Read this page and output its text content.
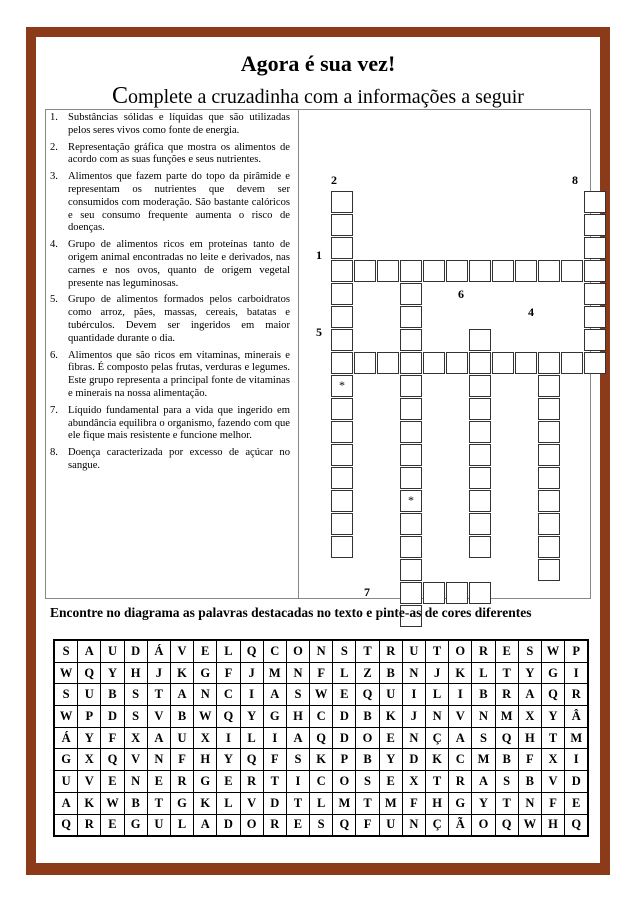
Agora é sua vez!
Complete a cruzadinha com a informações a seguir
1. Substâncias sólidas e líquidas que são utilizadas pelos seres vivos como fonte de energia.
2. Representação gráfica que mostra os alimentos de acordo com as suas funções e seus nutrientes.
3. Alimentos que fazem parte do topo da pirâmide e representam os nutrientes que devem ser consumidos com moderação. São bastante calóricos e seu consumo frequente aumenta o risco de doenças.
4. Grupo de alimentos ricos em proteínas tanto de origem animal encontradas no leite e derivados, nas carnes e nos ovos, quanto de origem vegetal presente nas leguminosas.
5. Grupo de alimentos formados pelos carboidratos como arroz, pães, massas, cereais, batatas e tubérculos. Devem ser ingeridos em maior quantidade durante o dia.
6. Alimentos que são ricos em vitaminas, minerais e fibras. É composto pelas frutas, verduras e legumes. Este grupo representa a principal fonte de vitaminas e minerais na nossa alimentação.
7. Líquido fundamental para a vida que ingerido em abundância equilibra o organismo, fazendo com que ele fique mais resistente e funcione melhor.
8. Doença caracterizada por excesso de açúcar no sangue.
2	8
1
6
4
5
7
*
*
Encontre no diagrama as palavras destacadas no texto e pinte-as de cores diferentes
S	A	U	D	Á	V	E	L	Q	C	O	N	S	T	R	U	T	O	R	E	S	W	P
W	Q	Y	H	J	K	G	F	J	M	N	F	L	Z	B	N	J	K	L	T	Y	G	I
S	U	B	S	T	A	N	C	I	A	S	W	E	Q	U	I	L	I	B	R	A	Q	R
W	P	D	S	V	B	W	Q	Y	G	H	C	D	B	K	J	N	V	N	M	X	Y	Â
Á	Y	F	X	A	U	X	I	L	I	A	Q	D	O	E	N	Ç	A	S	Q	H	T	M
G	X	Q	V	N	F	H	Y	Q	F	S	K	P	B	Y	D	K	C	M	B	F	X	I
U	V	E	N	E	R	G	E	R	T	I	C	O	S	E	X	T	R	A	S	B	V	D
A	K	W	B	T	G	K	L	V	D	T	L	M	T	M	F	H	G	Y	T	N	F	E
Q	R	E	G	U	L	A	D	O	R	E	S	Q	F	U	N	Ç	Ã	O	Q	W	H	Q
